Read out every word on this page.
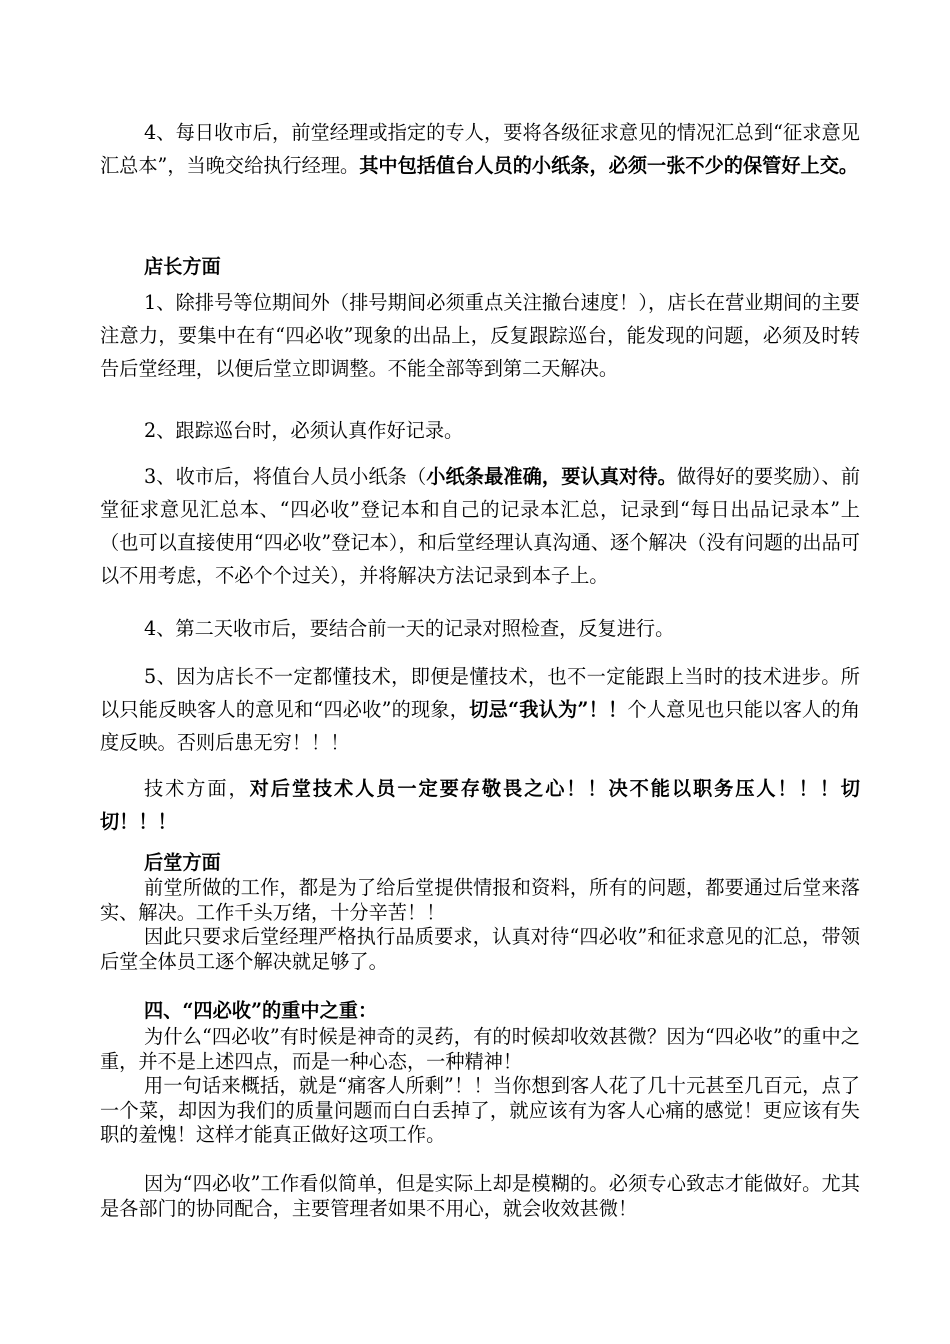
4、每日收市后，前堂经理或指定的专人，要将各级征求意见的情况汇总到“征求意见汇总本”，当晚交给执行经理。其中包括值台人员的小纸条，必须一张不少的保管好上交。

店长方面

1、除排号等位期间外（排号期间必须重点关注撤台速度！），店长在营业期间的主要注意力，要集中在有“四必收”现象的出品上，反复跟踪巡台，能发现的问题，必须及时转告后堂经理，以便后堂立即调整。不能全部等到第二天解决。

2、跟踪巡台时，必须认真作好记录。

3、收市后，将值台人员小纸条（小纸条最准确，要认真对待。做得好的要奖励）、前堂征求意见汇总本、“四必收”登记本和自己的记录本汇总，记录到“每日出品记录本”上（也可以直接使用“四必收”登记本），和后堂经理认真沟通、逐个解决（没有问题的出品可以不用考虑，不必个个过关），并将解决方法记录到本子上。

4、第二天收市后，要结合前一天的记录对照检查，反复进行。

5、因为店长不一定都懂技术，即便是懂技术，也不一定能跟上当时的技术进步。所以只能反映客人的意见和“四必收”的现象，切忌“我认为”！！个人意见也只能以客人的角度反映。否则后患无穷！！！

技术方面，对后堂技术人员一定要存敬畏之心！！决不能以职务压人！！！切切！！！

后堂方面

前堂所做的工作，都是为了给后堂提供情报和资料，所有的问题，都要通过后堂来落实、解决。工作千头万绪，十分辛苦！！

因此只要求后堂经理严格执行品质要求，认真对待“四必收”和征求意见的汇总，带领后堂全体员工逐个解决就足够了。

四、“四必收”的重中之重：

为什么“四必收”有时候是神奇的灵药，有的时候却收效甚微？因为“四必收”的重中之重，并不是上述四点，而是一种心态，一种精神！

用一句话来概括，就是“痛客人所剩”！！当你想到客人花了几十元甚至几百元，点了一个菜，却因为我们的质量问题而白白丢掉了，就应该有为客人心痛的感觉！更应该有失职的羞愧！这样才能真正做好这项工作。

因为“四必收”工作看似简单，但是实际上却是模糊的。必须专心致志才能做好。尤其是各部门的协同配合，主要管理者如果不用心，就会收效甚微！
